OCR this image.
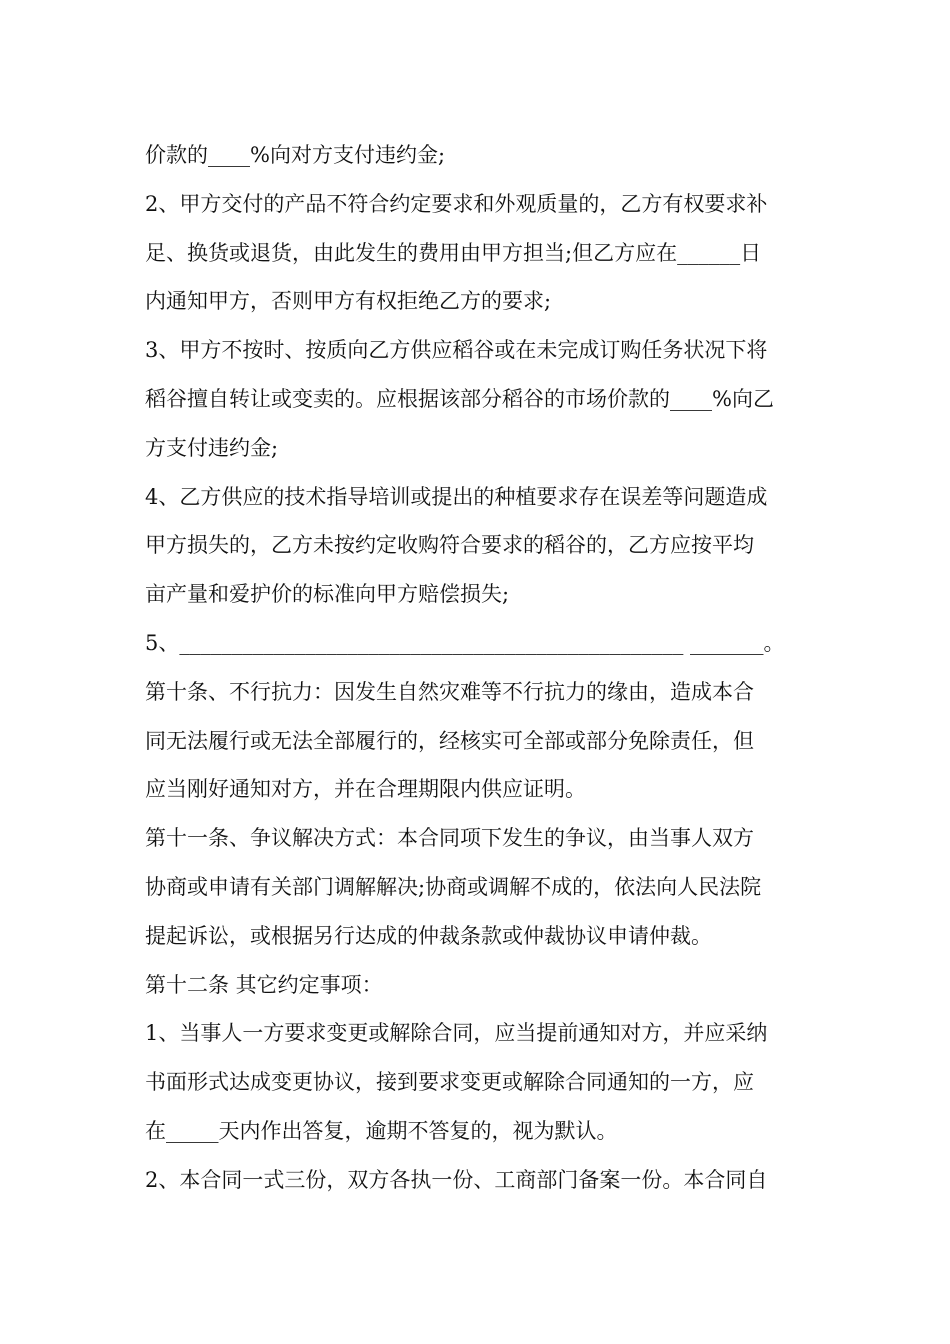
价款的____%向对方支付违约金;
2、甲方交付的产品不符合约定要求和外观质量的，乙方有权要求补
足、换货或退货，由此发生的费用由甲方担当;但乙方应在______日
内通知甲方，否则甲方有权拒绝乙方的要求;
3、甲方不按时、按质向乙方供应稻谷或在未完成订购任务状况下将
稻谷擅自转让或变卖的。应根据该部分稻谷的市场价款的____%向乙
方支付违约金;
4、乙方供应的技术指导培训或提出的种植要求存在误差等问题造成
甲方损失的，乙方未按约定收购符合要求的稻谷的，乙方应按平均
亩产量和爱护价的标准向甲方赔偿损失;
5、________________________________________________ _______。
第十条、不行抗力：因发生自然灾难等不行抗力的缘由，造成本合
同无法履行或无法全部履行的，经核实可全部或部分免除责任，但
应当刚好通知对方，并在合理期限内供应证明。
第十一条、争议解决方式：本合同项下发生的争议，由当事人双方
协商或申请有关部门调解解决;协商或调解不成的，依法向人民法院
提起诉讼，或根据另行达成的仲裁条款或仲裁协议申请仲裁。
第十二条 其它约定事项：
1、当事人一方要求变更或解除合同，应当提前通知对方，并应采纳
书面形式达成变更协议，接到要求变更或解除合同通知的一方，应
在_____天内作出答复，逾期不答复的，视为默认。
2、本合同一式三份，双方各执一份、工商部门备案一份。本合同自
